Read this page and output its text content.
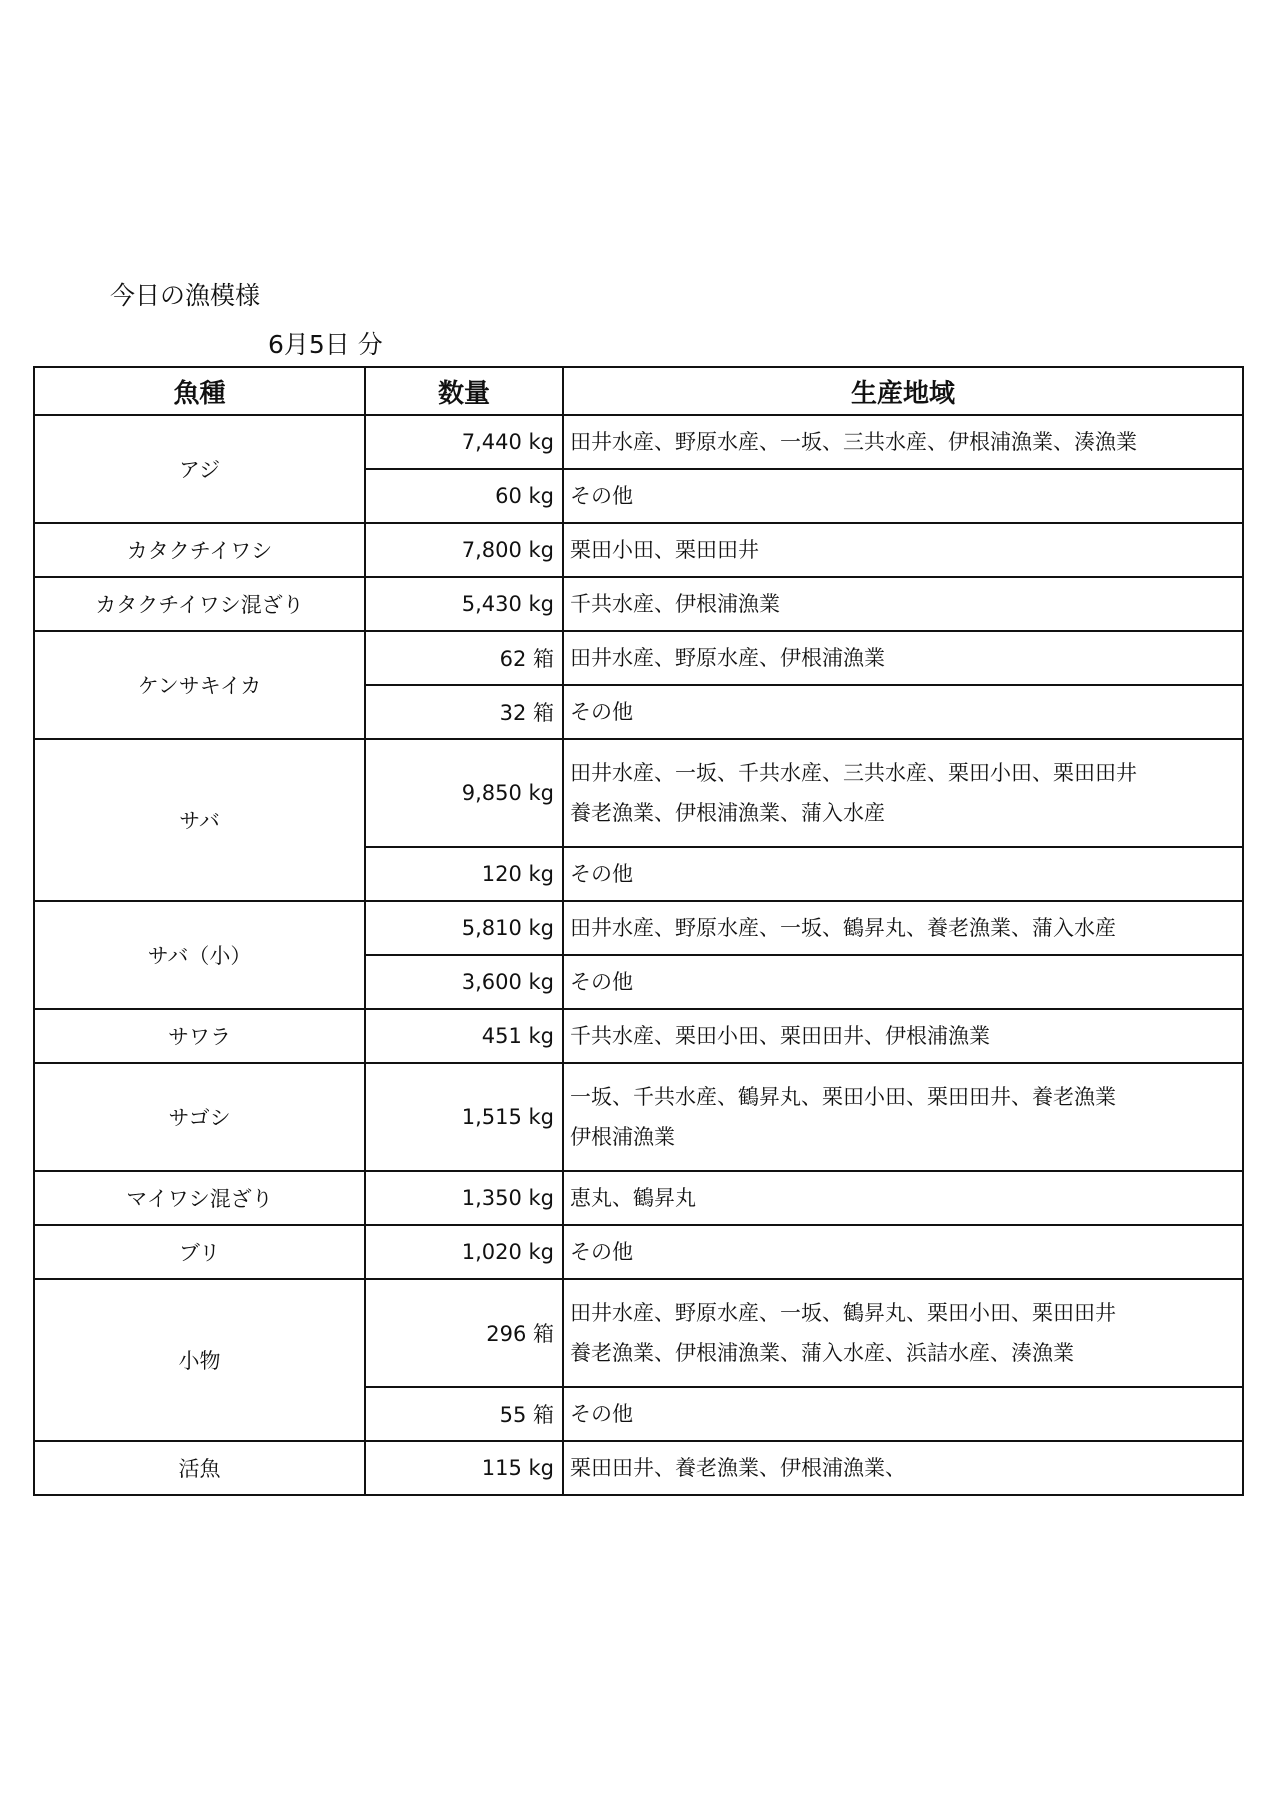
今日の漁模様
6月5日 分
魚種	数量	生産地域
アジ	7,440 kg	田井水産、野原水産、一坂、三共水産、伊根浦漁業、湊漁業

	60 kg	その他

カタクチイワシ	7,800 kg	栗田小田、栗田田井

カタクチイワシ混ざり	5,430 kg	千共水産、伊根浦漁業

ケンサキイカ	62 箱	田井水産、野原水産、伊根浦漁業

	32 箱	その他

サバ	9,850 kg	田井水産、一坂、千共水産、三共水産、栗田小田、栗田田井
養老漁業、伊根浦漁業、蒲入水産

	120 kg	その他

サバ（小）	5,810 kg	田井水産、野原水産、一坂、鶴昇丸、養老漁業、蒲入水産

	3,600 kg	その他

サワラ	451 kg	千共水産、栗田小田、栗田田井、伊根浦漁業

サゴシ	1,515 kg	一坂、千共水産、鶴昇丸、栗田小田、栗田田井、養老漁業
伊根浦漁業

マイワシ混ざり	1,350 kg	恵丸、鶴昇丸

ブリ	1,020 kg	その他

小物	296 箱	田井水産、野原水産、一坂、鶴昇丸、栗田小田、栗田田井
養老漁業、伊根浦漁業、蒲入水産、浜詰水産、湊漁業

	55 箱	その他

活魚	115 kg	栗田田井、養老漁業、伊根浦漁業、
